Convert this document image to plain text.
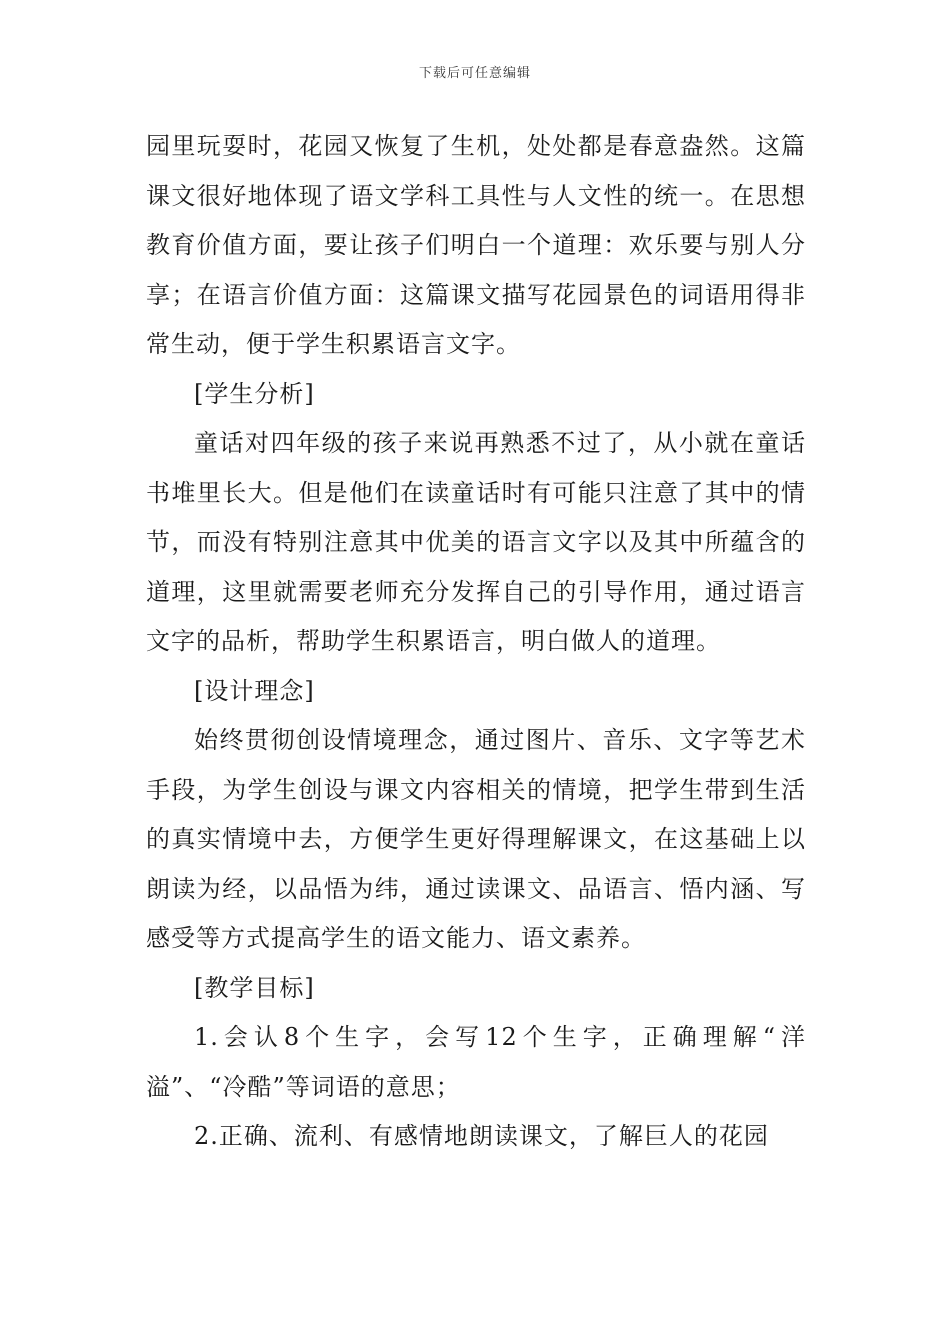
下载后可任意编辑

园里玩耍时，花园又恢复了生机，处处都是春意盎然。这篇课文很好地体现了语文学科工具性与人文性的统一。在思想教育价值方面，要让孩子们明白一个道理：欢乐要与别人分享；在语言价值方面：这篇课文描写花园景色的词语用得非常生动，便于学生积累语言文字。

[学生分析]

童话对四年级的孩子来说再熟悉不过了，从小就在童话书堆里长大。但是他们在读童话时有可能只注意了其中的情节，而没有特别注意其中优美的语言文字以及其中所蕴含的道理，这里就需要老师充分发挥自己的引导作用，通过语言文字的品析，帮助学生积累语言，明白做人的道理。

[设计理念]

始终贯彻创设情境理念，通过图片、音乐、文字等艺术手段，为学生创设与课文内容相关的情境，把学生带到生活的真实情境中去，方便学生更好得理解课文，在这基础上以朗读为经，以品悟为纬，通过读课文、品语言、悟内涵、写感受等方式提高学生的语文能力、语文素养。

[教学目标]

1.会认8个生字，会写12个生字，正确理解“洋溢”、“冷酷”等词语的意思；

2.正确、流利、有感情地朗读课文，了解巨人的花园
